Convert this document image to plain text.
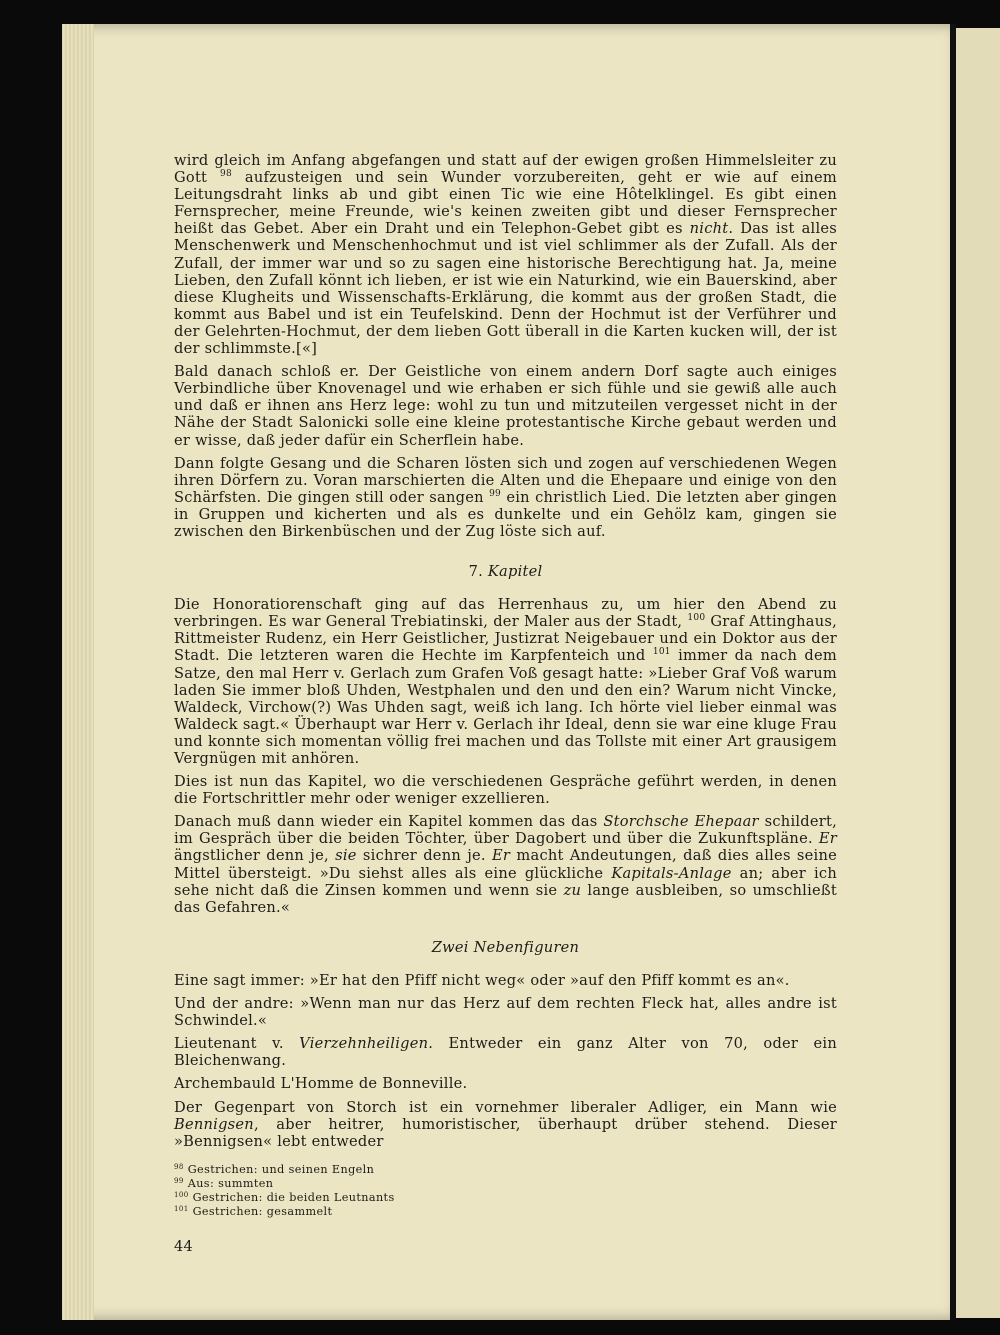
wird gleich im Anfang abgefangen und statt auf der ewigen großen Himmelsleiter zu Gott $^{98}$ aufzusteigen und sein Wunder vorzubereiten, geht er wie auf einem Leitungsdraht links ab und gibt einen Tic wie eine Hôtelklingel. Es gibt einen Fernsprecher, meine Freunde, wie's keinen zweiten gibt und dieser Fernsprecher heißt das Gebet. Aber ein Draht und ein Telephon-Gebet gibt es nicht. Das ist alles Menschenwerk und Menschenhochmut und ist viel schlimmer als der Zufall. Als der Zufall, der immer war und so zu sagen eine historische Berechtigung hat. Ja, meine Lieben, den Zufall könnt ich lieben, er ist wie ein Naturkind, wie ein Bauerskind, aber diese Klugheits und Wissenschafts-Erklärung, die kommt aus der großen Stadt, die kommt aus Babel und ist ein Teufelskind. Denn der Hochmut ist der Verführer und der Gelehrten-Hochmut, der dem lieben Gott überall in die Karten kucken will, der ist der schlimmste.[«]

Bald danach schloß er. Der Geistliche von einem andern Dorf sagte auch einiges Verbindliche über Knovenagel und wie erhaben er sich fühle und sie gewiß alle auch und daß er ihnen ans Herz lege: wohl zu tun und mitzuteilen vergesset nicht in der Nähe der Stadt Salonicki solle eine kleine protestantische Kirche gebaut werden und er wisse, daß jeder dafür ein Scherflein habe.

Dann folgte Gesang und die Scharen lösten sich und zogen auf verschiedenen Wegen ihren Dörfern zu. Voran marschierten die Alten und die Ehepaare und einige von den Schärfsten. Die gingen still oder sangen $^{99}$ ein christlich Lied. Die letzten aber gingen in Gruppen und kicherten und als es dunkelte und ein Gehölz kam, gingen sie zwischen den Birkenbüschen und der Zug löste sich auf.

7. Kapitel

Die Honoratiorenschaft ging auf das Herrenhaus zu, um hier den Abend zu verbringen. Es war General Trebiatinski, der Maler aus der Stadt, $^{100}$ Graf Attinghaus, Rittmeister Rudenz, ein Herr Geistlicher, Justizrat Neigebauer und ein Doktor aus der Stadt. Die letzteren waren die Hechte im Karpfenteich und $^{101}$ immer da nach dem Satze, den mal Herr v. Gerlach zum Grafen Voß gesagt hatte: »Lieber Graf Voß warum laden Sie immer bloß Uhden, Westphalen und den und den ein? Warum nicht Vincke, Waldeck, Virchow(?) Was Uhden sagt, weiß ich lang. Ich hörte viel lieber einmal was Waldeck sagt.« Überhaupt war Herr v. Gerlach ihr Ideal, denn sie war eine kluge Frau und konnte sich momentan völlig frei machen und das Tollste mit einer Art grausigem Vergnügen mit anhören.

Dies ist nun das Kapitel, wo die verschiedenen Gespräche geführt werden, in denen die Fortschrittler mehr oder weniger exzellieren.

Danach muß dann wieder ein Kapitel kommen das das Storchsche Ehepaar schildert, im Gespräch über die beiden Töchter, über Dagobert und über die Zukunftspläne. Er ängstlicher denn je, sie sichrer denn je. Er macht Andeutungen, daß dies alles seine Mittel übersteigt. »Du siehst alles als eine glückliche Kapitals-Anlage an; aber ich sehe nicht daß die Zinsen kommen und wenn sie zu lange ausbleiben, so umschließt das Gefahren.«

Zwei Nebenfiguren

Eine sagt immer: »Er hat den Pfiff nicht weg« oder »auf den Pfiff kommt es an«.

Und der andre: »Wenn man nur das Herz auf dem rechten Fleck hat, alles andre ist Schwindel.«

Lieutenant v. Vierzehnheiligen. Entweder ein ganz Alter von 70, oder ein Bleichenwang.

Archembauld L'Homme de Bonneville.

Der Gegenpart von Storch ist ein vornehmer liberaler Adliger, ein Mann wie Bennigsen, aber heitrer, humoristischer, überhaupt drüber stehend. Dieser »Bennigsen« lebt entweder

$^{98}$ Gestrichen: und seinen Engeln
$^{99}$ Aus: summten
$^{100}$ Gestrichen: die beiden Leutnants
$^{101}$ Gestrichen: gesammelt
44
